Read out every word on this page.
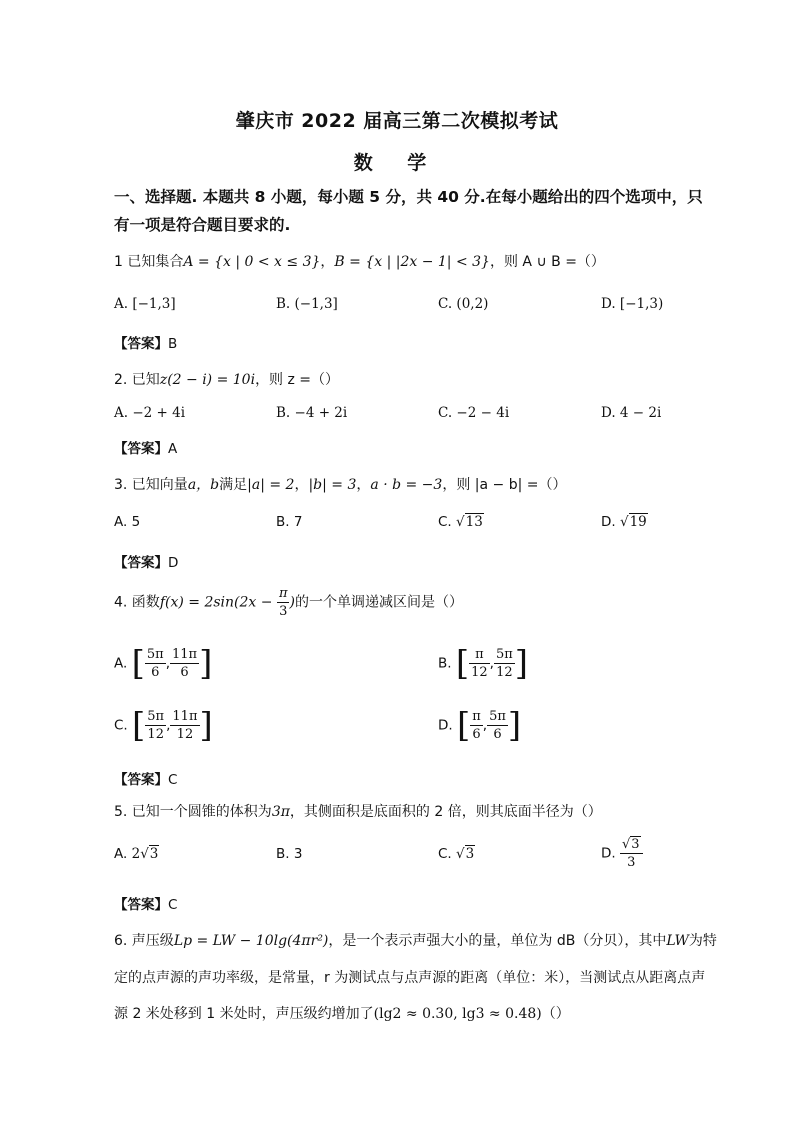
肇庆市 2022 届高三第二次模拟考试
数 学
一、选择题. 本题共 8 小题，每小题 5 分，共 40 分.在每小题给出的四个选项中，只有一项是符合题目要求的.
1 已知集合A = {x | 0 < x ≤ 3}，B = {x | |2x − 1| < 3}，则 A ∪ B =（）
A. [−1,3]	B. (−1,3]	C. (0,2)	D. [−1,3)
【答案】B
2. 已知z(2 − i) = 10i，则 z =（）
A. −2 + 4i	B. −4 + 2i	C. −2 − 4i	D. 4 − 2i
【答案】A
3. 已知向量a，b满足|a| = 2，|b| = 3，a · b = −3，则 |a − b| =（）
A. 5	B. 7	C. √13	D. √19
【答案】D
4. 函数$f(x) = 2\sin(2x - \frac{\pi}{3}$ )的一个单调递减区间是（）
A. [ $\frac{5\pi}{6}$ , $\frac{11\pi}{6}$ ]	B. [ $\frac{\pi}{12}$ , $\frac{5\pi}{12}$ ]
C. [ $\frac{5\pi}{12}$ , $\frac{11\pi}{12}$ ]	D. [ $\frac{\pi}{6}$ , $\frac{5\pi}{6}$ ]
【答案】C
5. 已知一个圆锥的体积为3π，其侧面积是底面积的 2 倍，则其底面半径为（）
A. 2√3	B. 3	C. √3	D. $\frac{√3}{3}$
【答案】C
6. 声压级Lp = LW − 10lg(4πr²)，是一个表示声强大小的量，单位为 dB（分贝），其中LW为特
定的点声源的声功率级，是常量，r 为测试点与点声源的距离（单位：米），当测试点从距离点声
源 2 米处移到 1 米处时，声压级约增加了(lg2 ≈ 0.30, lg3 ≈ 0.48)（）
